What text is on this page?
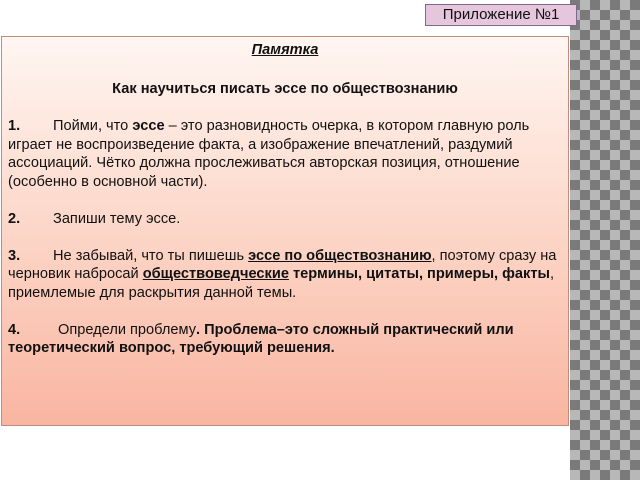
Приложение №1
Памятка
Как научиться писать эссе по обществознанию
1. Пойми, что эссе – это разновидность очерка, в котором главную роль играет не воспроизведение факта, а изображение впечатлений, раздумий ассоциаций. Чётко должна прослеживаться авторская позиция, отношение (особенно в основной части).
2. Запиши тему эссе.
3. Не забывай, что ты пишешь эссе по обществознанию, поэтому сразу на черновик набросай обществоведческие термины, цитаты, примеры, факты, приемлемые для раскрытия данной темы.
4.	Определи проблему. Проблема–это сложный практический или теоретический вопрос, требующий решения.
